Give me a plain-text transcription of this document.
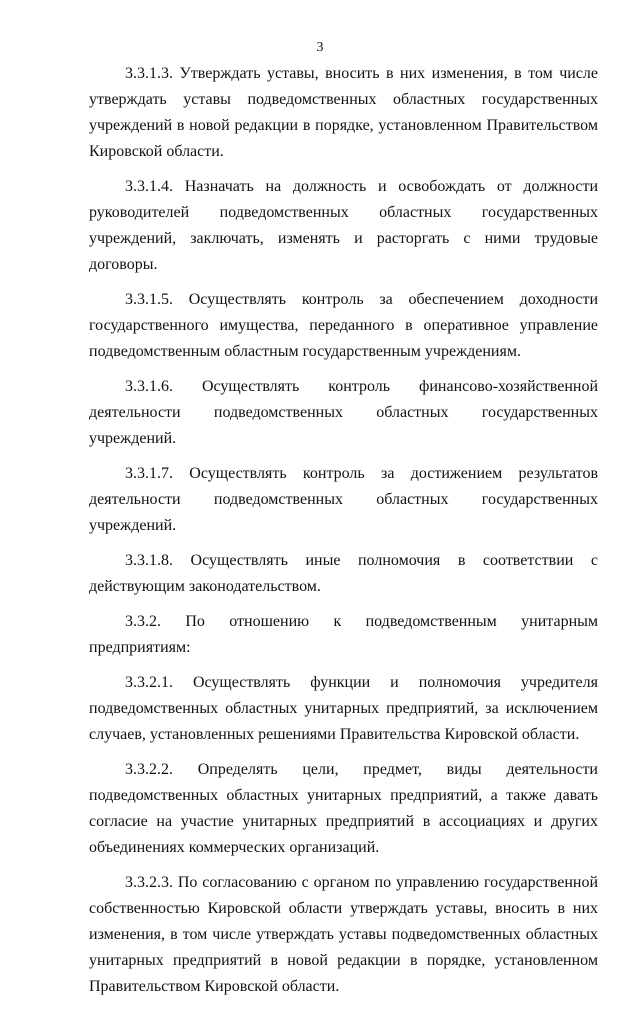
3

3.3.1.3. Утверждать уставы, вносить в них изменения, в том числе утверждать уставы подведомственных областных государственных учреждений в новой редакции в порядке, установленном Правительством Кировской области.

3.3.1.4. Назначать на должность и освобождать от должности руководителей подведомственных областных государственных учреждений, заключать, изменять и расторгать с ними трудовые договоры.

3.3.1.5. Осуществлять контроль за обеспечением доходности государственного имущества, переданного в оперативное управление подведомственным областным государственным учреждениям.

3.3.1.6. Осуществлять контроль финансово-хозяйственной деятельности подведомственных областных государственных учреждений.

3.3.1.7. Осуществлять контроль за достижением результатов деятельности подведомственных областных государственных учреждений.

3.3.1.8. Осуществлять иные полномочия в соответствии с действующим законодательством.

3.3.2. По отношению к подведомственным унитарным предприятиям:

3.3.2.1. Осуществлять функции и полномочия учредителя подведомственных областных унитарных предприятий, за исключением случаев, установленных решениями Правительства Кировской области.

3.3.2.2. Определять цели, предмет, виды деятельности подведомственных областных унитарных предприятий, а также давать согласие на участие унитарных предприятий в ассоциациях и других объединениях коммерческих организаций.

3.3.2.3. По согласованию с органом по управлению государственной собственностью Кировской области утверждать уставы, вносить в них изменения, в том числе утверждать уставы подведомственных областных унитарных предприятий в новой редакции в порядке, установленном Правительством Кировской области.
